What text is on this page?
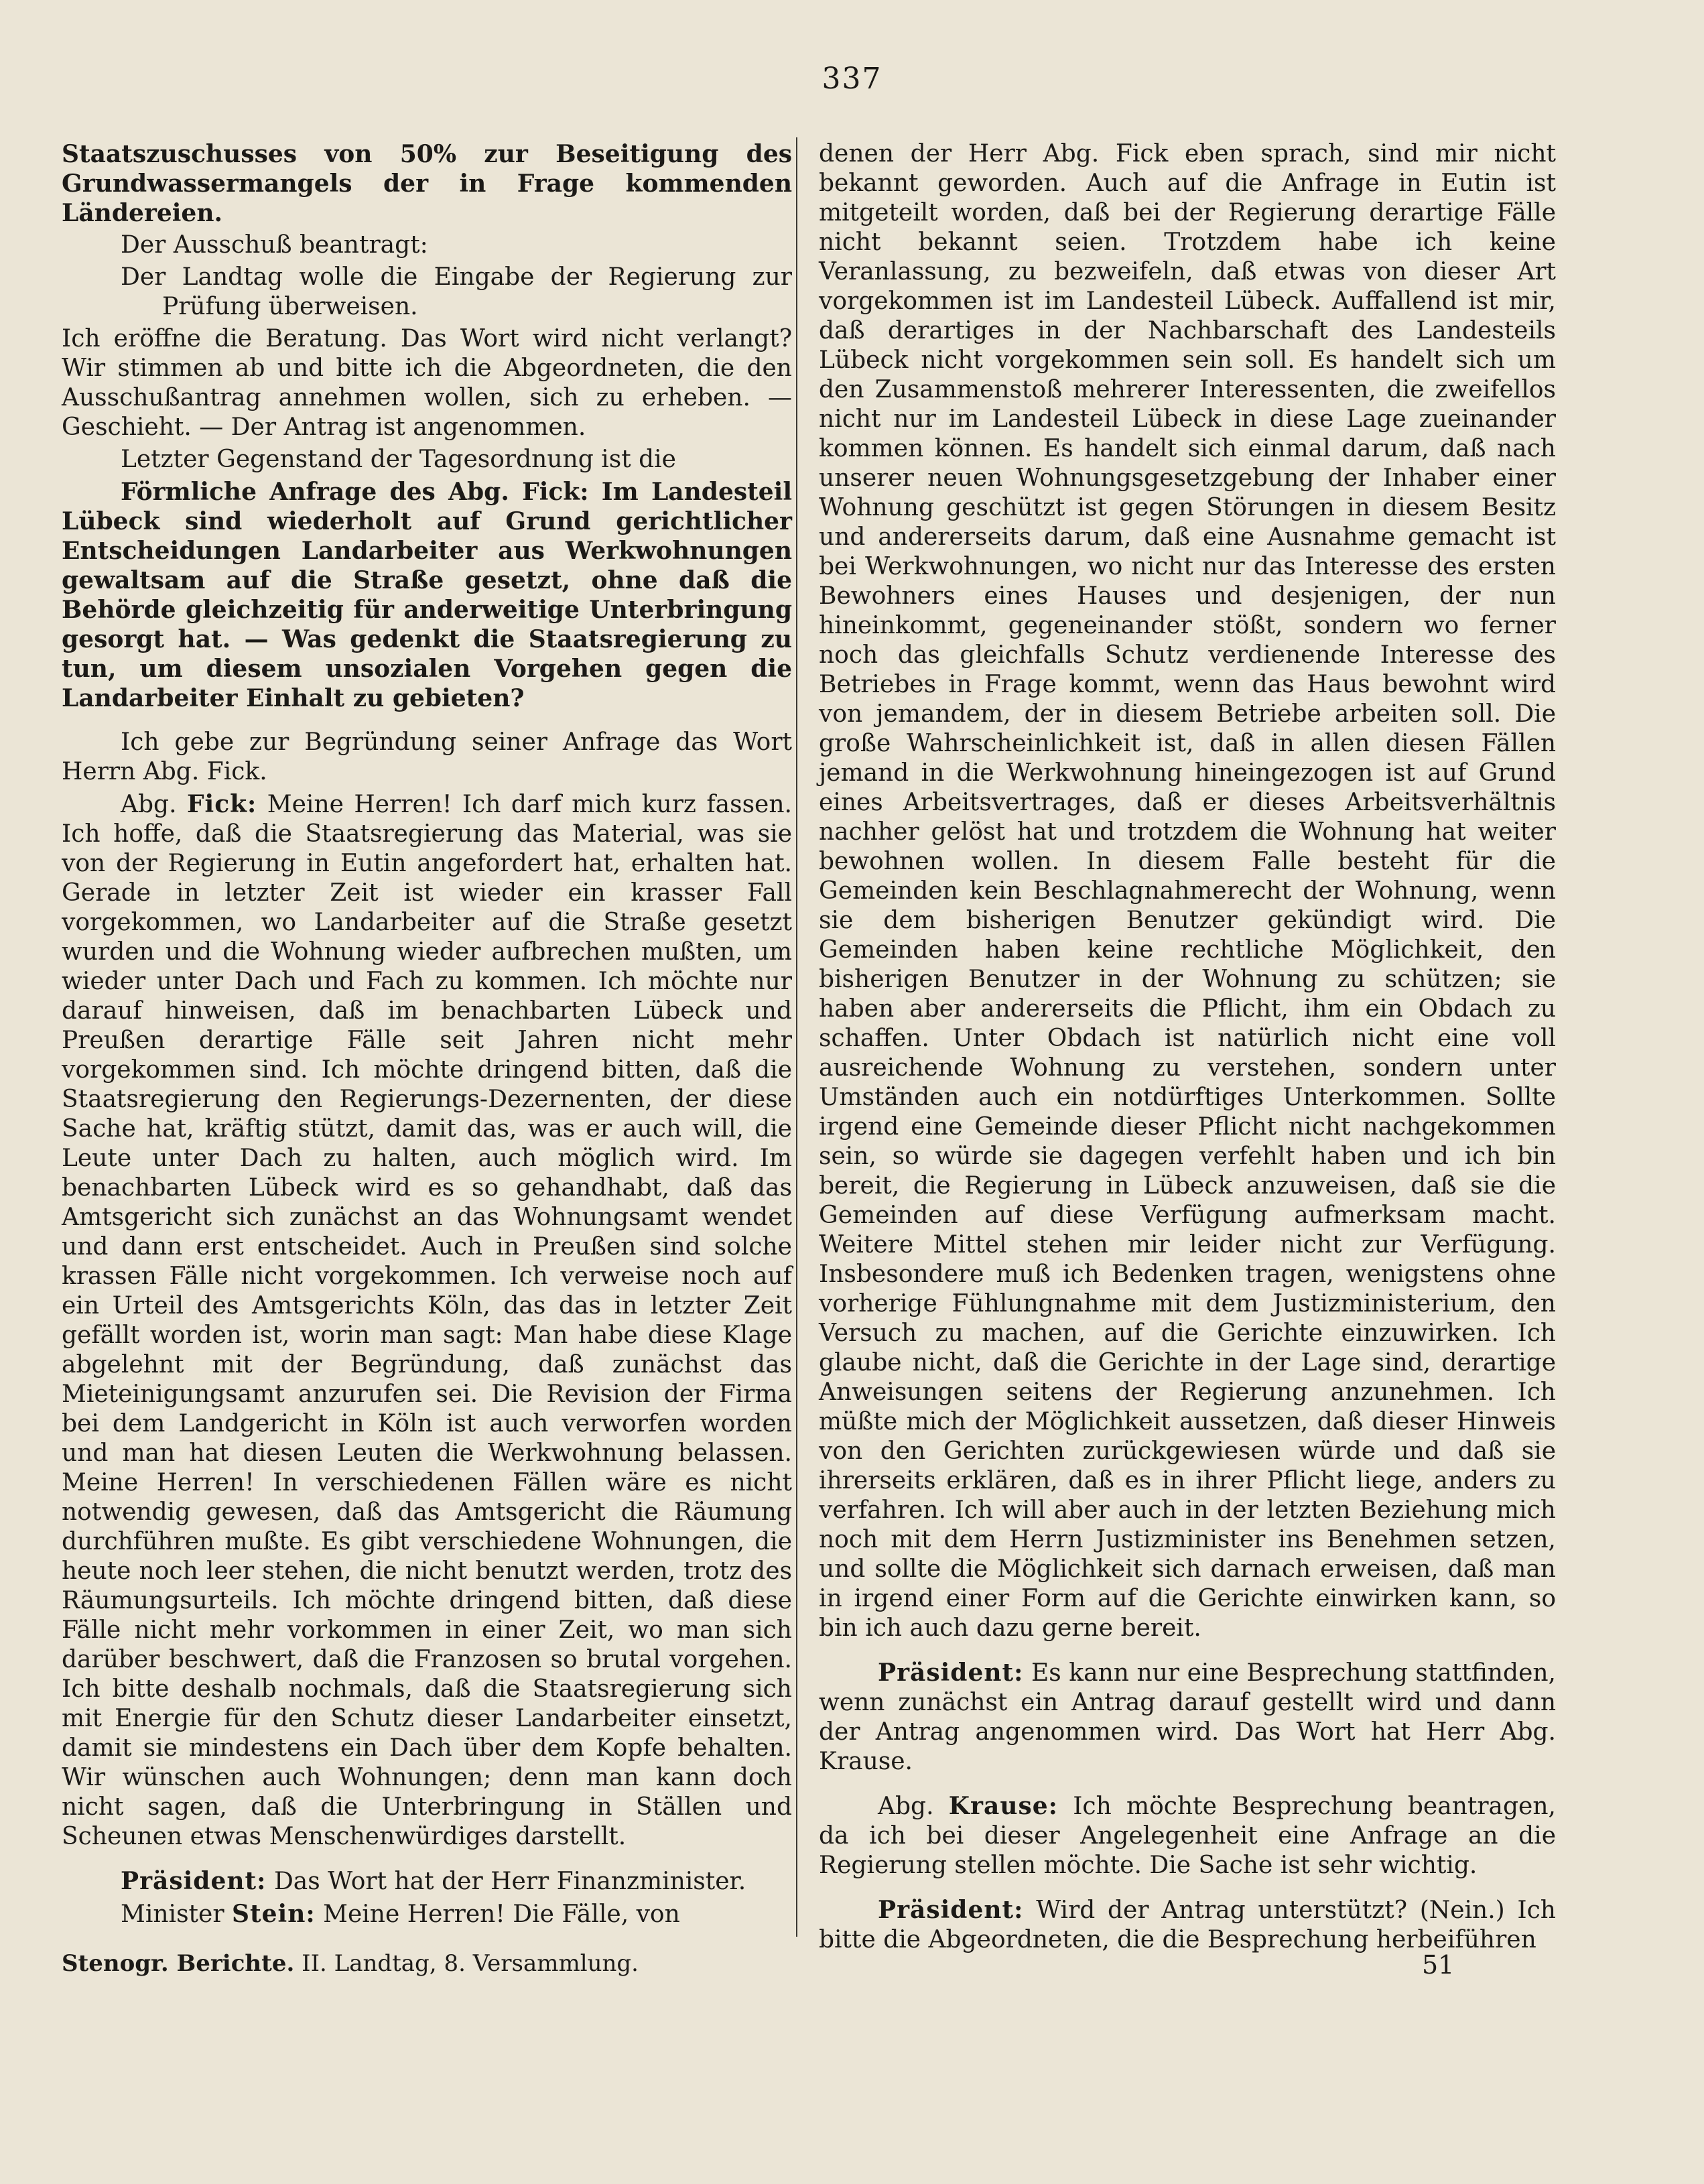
337

Staatszuschusses von 50% zur Beseitigung des Grundwassermangels der in Frage kommenden Ländereien.

Der Ausschuß beantragt:

Der Landtag wolle die Eingabe der Regierung zur Prüfung überweisen.

Ich eröffne die Beratung. Das Wort wird nicht verlangt? Wir stimmen ab und bitte ich die Abgeordneten, die den Ausschußantrag annehmen wollen, sich zu erheben. — Geschieht. — Der Antrag ist angenommen.

Letzter Gegenstand der Tagesordnung ist die

Förmliche Anfrage des Abg. Fick: Im Landesteil Lübeck sind wiederholt auf Grund gerichtlicher Entscheidungen Landarbeiter aus Werkwohnungen gewaltsam auf die Straße gesetzt, ohne daß die Behörde gleichzeitig für anderweitige Unterbringung gesorgt hat. — Was gedenkt die Staatsregierung zu tun, um diesem unsozialen Vorgehen gegen die Landarbeiter Einhalt zu gebieten?

Ich gebe zur Begründung seiner Anfrage das Wort Herrn Abg. Fick.

Abg. Fick: Meine Herren! Ich darf mich kurz fassen. Ich hoffe, daß die Staatsregierung das Material, was sie von der Regierung in Eutin angefordert hat, erhalten hat. Gerade in letzter Zeit ist wieder ein krasser Fall vorgekommen, wo Landarbeiter auf die Straße gesetzt wurden und die Wohnung wieder aufbrechen mußten, um wieder unter Dach und Fach zu kommen. Ich möchte nur darauf hinweisen, daß im benachbarten Lübeck und Preußen derartige Fälle seit Jahren nicht mehr vorgekommen sind. Ich möchte dringend bitten, daß die Staatsregierung den Regierungs-Dezernenten, der diese Sache hat, kräftig stützt, damit das, was er auch will, die Leute unter Dach zu halten, auch möglich wird. Im benachbarten Lübeck wird es so gehandhabt, daß das Amtsgericht sich zunächst an das Wohnungsamt wendet und dann erst entscheidet. Auch in Preußen sind solche krassen Fälle nicht vorgekommen. Ich verweise noch auf ein Urteil des Amtsgerichts Köln, das das in letzter Zeit gefällt worden ist, worin man sagt: Man habe diese Klage abgelehnt mit der Begründung, daß zunächst das Mieteinigungsamt anzurufen sei. Die Revision der Firma bei dem Landgericht in Köln ist auch verworfen worden und man hat diesen Leuten die Werkwohnung belassen. Meine Herren! In verschiedenen Fällen wäre es nicht notwendig gewesen, daß das Amtsgericht die Räumung durchführen mußte. Es gibt verschiedene Wohnungen, die heute noch leer stehen, die nicht benutzt werden, trotz des Räumungsurteils. Ich möchte dringend bitten, daß diese Fälle nicht mehr vorkommen in einer Zeit, wo man sich darüber beschwert, daß die Franzosen so brutal vorgehen. Ich bitte deshalb nochmals, daß die Staatsregierung sich mit Energie für den Schutz dieser Landarbeiter einsetzt, damit sie mindestens ein Dach über dem Kopfe behalten. Wir wünschen auch Wohnungen; denn man kann doch nicht sagen, daß die Unterbringung in Ställen und Scheunen etwas Menschenwürdiges darstellt.

Präsident: Das Wort hat der Herr Finanzminister.

Minister Stein: Meine Herren! Die Fälle, von

denen der Herr Abg. Fick eben sprach, sind mir nicht bekannt geworden. Auch auf die Anfrage in Eutin ist mitgeteilt worden, daß bei der Regierung derartige Fälle nicht bekannt seien. Trotzdem habe ich keine Veranlassung, zu bezweifeln, daß etwas von dieser Art vorgekommen ist im Landesteil Lübeck. Auffallend ist mir, daß derartiges in der Nachbarschaft des Landesteils Lübeck nicht vorgekommen sein soll. Es handelt sich um den Zusammenstoß mehrerer Interessenten, die zweifellos nicht nur im Landesteil Lübeck in diese Lage zueinander kommen können. Es handelt sich einmal darum, daß nach unserer neuen Wohnungsgesetzgebung der Inhaber einer Wohnung geschützt ist gegen Störungen in diesem Besitz und andererseits darum, daß eine Ausnahme gemacht ist bei Werkwohnungen, wo nicht nur das Interesse des ersten Bewohners eines Hauses und desjenigen, der nun hineinkommt, gegeneinander stößt, sondern wo ferner noch das gleichfalls Schutz verdienende Interesse des Betriebes in Frage kommt, wenn das Haus bewohnt wird von jemandem, der in diesem Betriebe arbeiten soll. Die große Wahrscheinlichkeit ist, daß in allen diesen Fällen jemand in die Werkwohnung hineingezogen ist auf Grund eines Arbeitsvertrages, daß er dieses Arbeitsverhältnis nachher gelöst hat und trotzdem die Wohnung hat weiter bewohnen wollen. In diesem Falle besteht für die Gemeinden kein Beschlagnahmerecht der Wohnung, wenn sie dem bisherigen Benutzer gekündigt wird. Die Gemeinden haben keine rechtliche Möglichkeit, den bisherigen Benutzer in der Wohnung zu schützen; sie haben aber andererseits die Pflicht, ihm ein Obdach zu schaffen. Unter Obdach ist natürlich nicht eine voll ausreichende Wohnung zu verstehen, sondern unter Umständen auch ein notdürftiges Unterkommen. Sollte irgend eine Gemeinde dieser Pflicht nicht nachgekommen sein, so würde sie dagegen verfehlt haben und ich bin bereit, die Regierung in Lübeck anzuweisen, daß sie die Gemeinden auf diese Verfügung aufmerksam macht. Weitere Mittel stehen mir leider nicht zur Verfügung. Insbesondere muß ich Bedenken tragen, wenigstens ohne vorherige Fühlungnahme mit dem Justizministerium, den Versuch zu machen, auf die Gerichte einzuwirken. Ich glaube nicht, daß die Gerichte in der Lage sind, derartige Anweisungen seitens der Regierung anzunehmen. Ich müßte mich der Möglichkeit aussetzen, daß dieser Hinweis von den Gerichten zurückgewiesen würde und daß sie ihrerseits erklären, daß es in ihrer Pflicht liege, anders zu verfahren. Ich will aber auch in der letzten Beziehung mich noch mit dem Herrn Justizminister ins Benehmen setzen, und sollte die Möglichkeit sich darnach erweisen, daß man in irgend einer Form auf die Gerichte einwirken kann, so bin ich auch dazu gerne bereit.

Präsident: Es kann nur eine Besprechung stattfinden, wenn zunächst ein Antrag darauf gestellt wird und dann der Antrag angenommen wird. Das Wort hat Herr Abg. Krause.

Abg. Krause: Ich möchte Besprechung beantragen, da ich bei dieser Angelegenheit eine Anfrage an die Regierung stellen möchte. Die Sache ist sehr wichtig.

Präsident: Wird der Antrag unterstützt? (Nein.) Ich bitte die Abgeordneten, die die Besprechung herbeiführen

Stenogr. Berichte. II. Landtag, 8. Versammlung.	51
